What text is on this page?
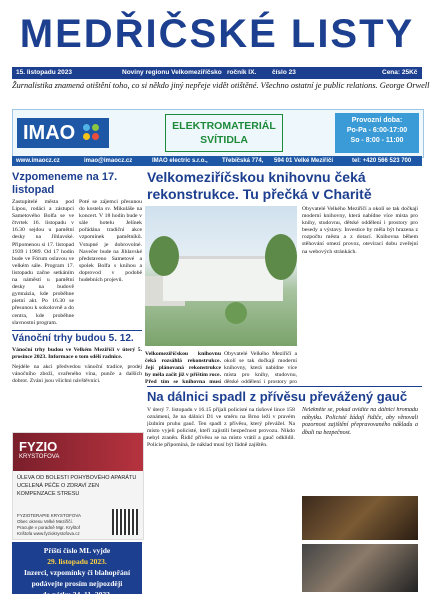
MEDŘIČSKÉ LISTY
15. listopadu 2023	Noviny regionu Velkomeziříčsko ročník IX. číslo 23	Cena: 25Kč
Žurnalistika znamená otištění toho, co si někdo jiný nepřeje vidět otištěné. Všechno ostatní je public relations. George Orwell
IMAO	ELEKTROMATERIÁL
SVÍTIDLA
Provozní doba:
Po-Pa - 6:00-17:00
So - 8:00 - 11:00
www.imaocz.cz	imao@imaocz.cz	IMAO electric s.r.o., Třebíčská 774, 594 01 Velké Meziříčí	tel: +420 566 523 700
Vzpomeneme na 17. listopad
Zastupitelé města pod Lipou, rodáci a zástupci Sametového Bolfa se ve čtvrtek 16. listopadu v 16.30 sejdou u pamětní desky na Jihlavské. Připomenou si 17. listopad 1939 i 1989. Od 17 hodin bude ve Fórum oslavou ve velkém sále. Program 17. listopadu začne setkáním na náměstí u pamětní desky na budově gymnázia, kde proběhne pietní akt. Po 16.30 se přesunou k sokolovně a do centra, kde proběhne slavnostní program.
Poté se zájemci přesunou do kostela sv. Mikuláše na koncert. V 18 hodin bude v sále hotelu Jelínek pořádána tradiční akce vzpomínek pamětníků. Vstupné je dobrovolné. Navečer bude na Jihlavské představeno Sametové a spolek Bolfa s knihou a doprovod v podobě hudebních projevů.
Vánoční trhy budou 5. 12.
Vánoční trhy budou ve Velkém Meziříčí v úterý 5. prosince 2023. Informace o tom sdělí radnice.
Nejdéle na akci předvedou vánoční tradice, prodej vánočního zboží, svařeného vína, punče a dalších dobrot. Zváni jsou všichni návštěvníci.
FYZIO
KRYSTOFOVA
ÚLEVA OD BOLESTI POHYBOVÉHO APARÁTU
UCELENÁ PÉČE O ZDRAVÍ ZEN
KOMPENZACE STRESU
FYZIOTERAPIE KRYSTOFOVA Obec okresu Velké Meziříčí. Pracujte v poradně Mgr. Kryštof Krištofa www.fyziokrystofova.cz
Příští číslo ML vyjde
29. listopadu 2023.
Inzerci, vzpomínky či blahopřání
podávejte prosím nejpozději
do pátku 24. 11. 2023.
Velkomeziříčskou knihovnu čeká
rekonstrukce. Tu přečká v Charitě
Obyvatelé Velkého Meziříčí a okolí se tak dočkají moderní knihovny, která nabídne více místa pro knihy, studovnu, dětské oddělení i prostory pro besedy a výstavy. Investice by měla být hrazena z rozpočtu města a z dotací. Knihovna během stěhování omezí provoz, otevírací dobu zveřejní na webových stránkách.
Velkomeziříčskou knihovnu čeká rozsáhlá rekonstrukce. Její plánovaná rekonstrukce by měla začít již v příštím roce. Před tím se knihovna musí
Obyvatelé Velkého Meziříčí a okolí se tak dočkají moderní knihovny, která nabídne více místa pro knihy, studovnu, dětské oddělení i prostory pro
Na dálnici spadl z přívěsu převážený gauč
V úterý 7. listopadu v 16.15 přijali policisté na tísňové lince 158 oznámení, že na dálnici D1 ve směru na Brno leží v pravém jízdním pruhu gauč. Ten spadl z přívěsu, který převážel. Na místo vyjeli policisté, kteří zajistili bezpečnost provozu. Nikdo nebyl zraněn. Řidič přívěsu se na místo vrátil a gauč odklidil. Policie připomíná, že náklad musí být řádně zajištěn.
Nelekněte se, pokud uvidíte na dálnici hromadu nábytku. Policisté žádají řidiče, aby věnovali pozornost zajištění přepravovaného nákladu a dbali na bezpečnost.
